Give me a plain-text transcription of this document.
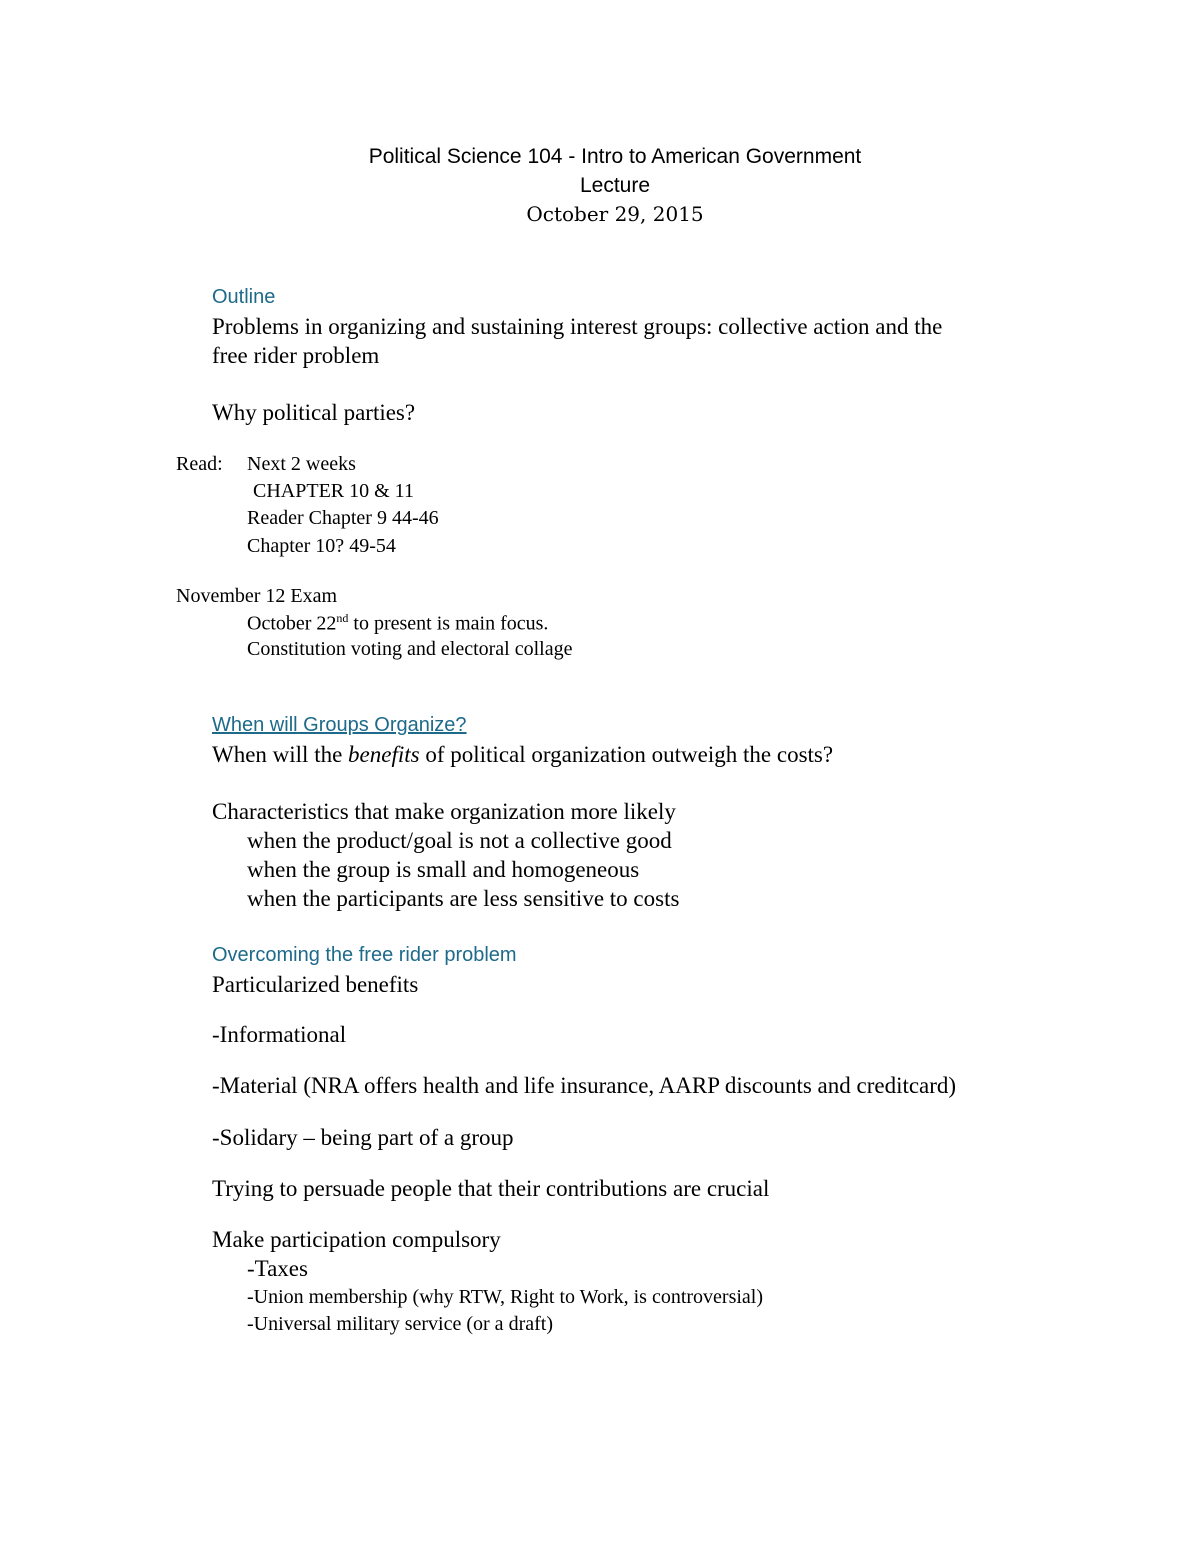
Political Science 104 - Intro to American Government
Lecture
October 29, 2015
Outline
Problems in organizing and sustaining interest groups: collective action and the
free rider problem
Why political parties?
Read: Next 2 weeks
CHAPTER 10 & 11
Reader Chapter 9 44-46
Chapter 10? 49-54
November 12 Exam
October 22nd to present is main focus.
Constitution voting and electoral collage
When will Groups Organize?
When will the benefits of political organization outweigh the costs?
Characteristics that make organization more likely
when the product/goal is not a collective good
when the group is small and homogeneous
when the participants are less sensitive to costs
Overcoming the free rider problem
Particularized benefits
-Informational
-Material (NRA offers health and life insurance, AARP discounts and creditcard)
-Solidary – being part of a group
Trying to persuade people that their contributions are crucial
Make participation compulsory
-Taxes
-Union membership (why RTW, Right to Work, is controversial)
-Universal military service (or a draft)
